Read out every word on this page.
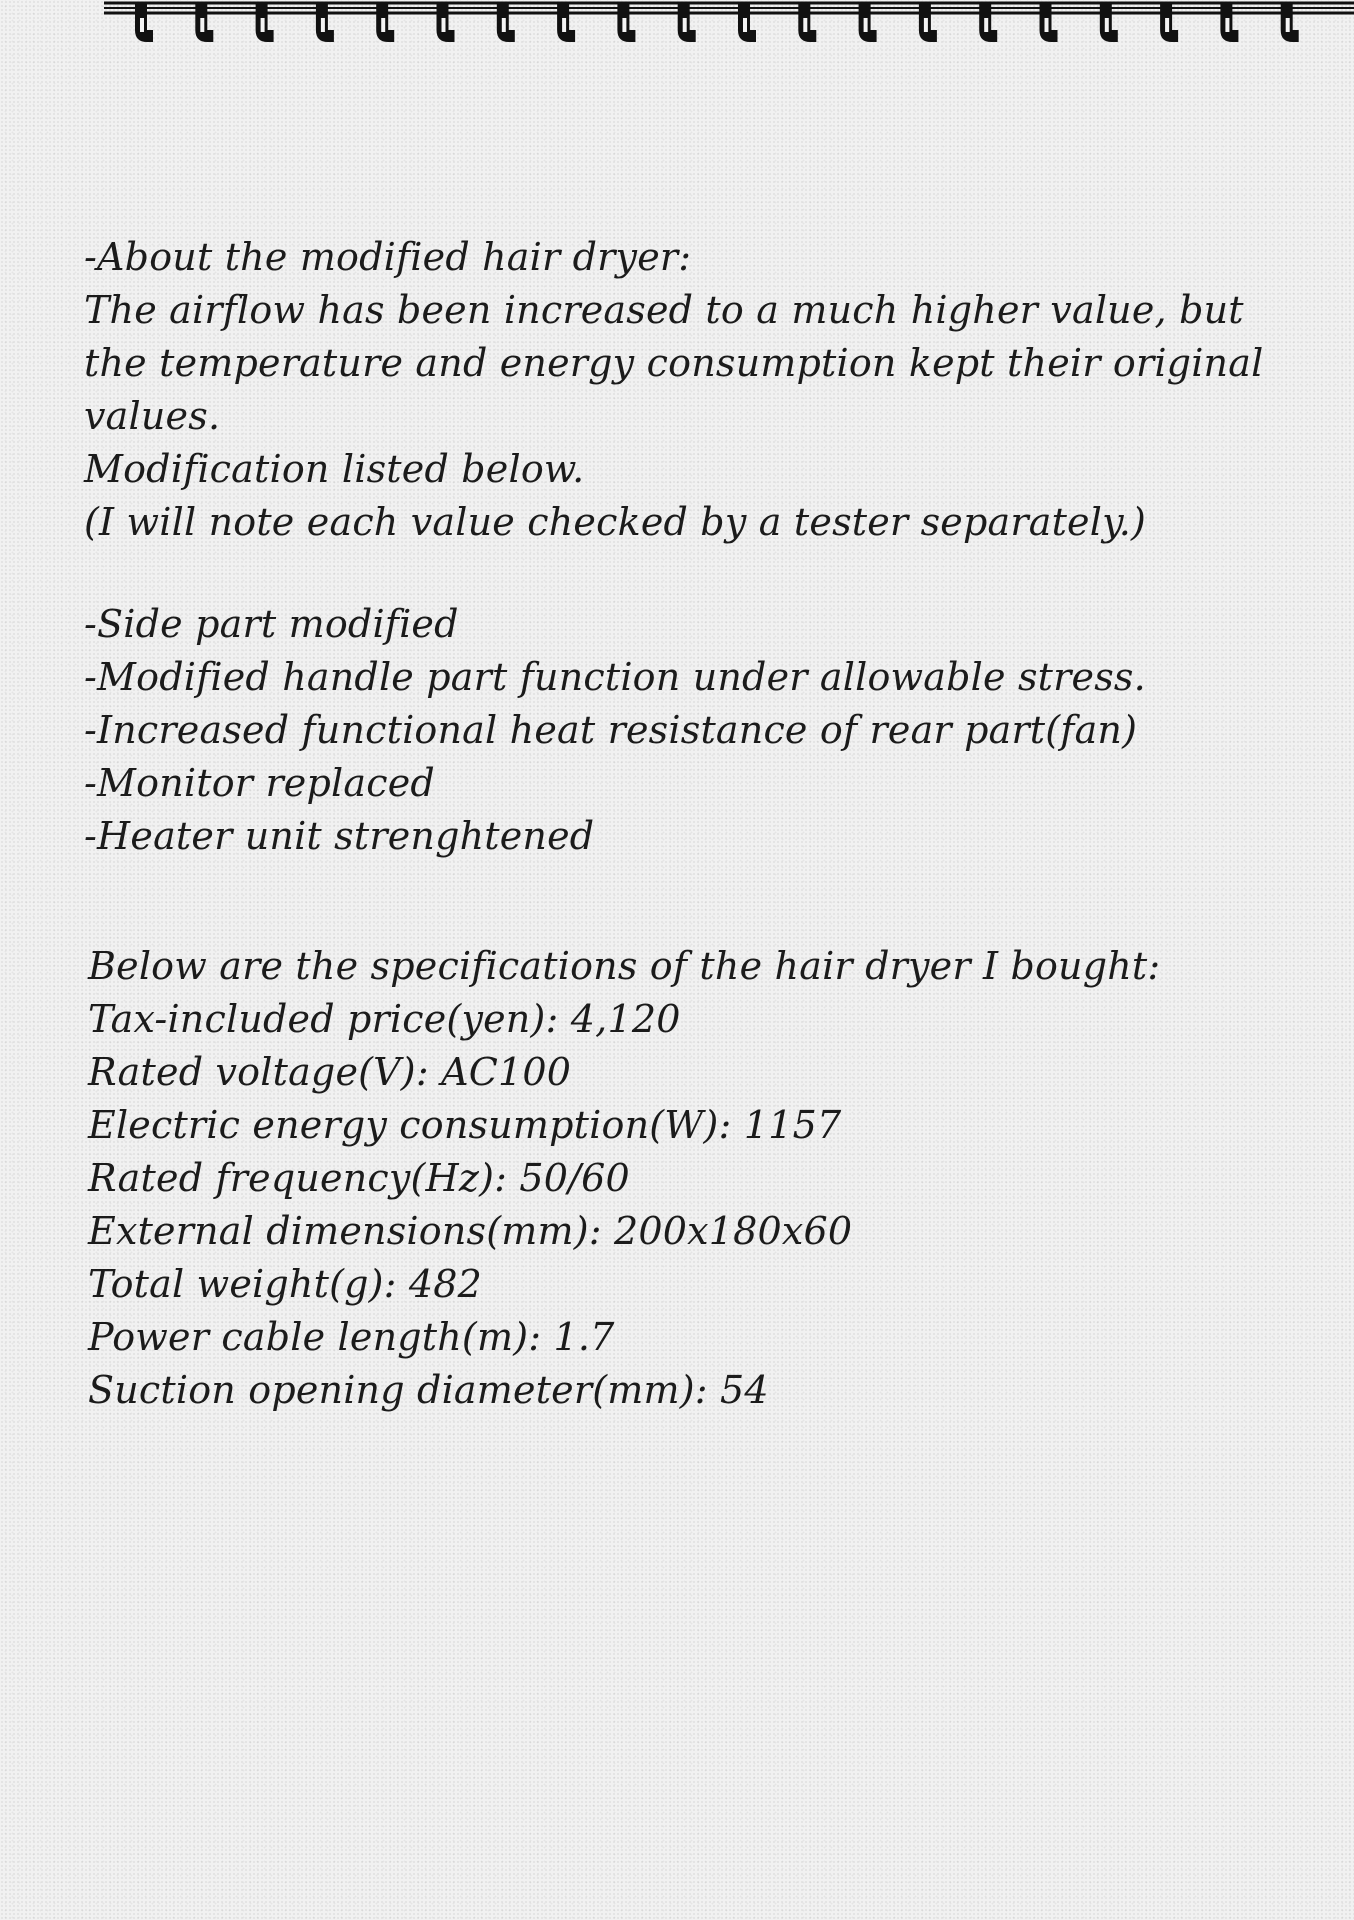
-About the modified hair dryer:
The airflow has been increased to a much higher value, but
the temperature and energy consumption kept their original
values.
Modification listed below.
(I will note each value checked by a tester separately.)
-Side part modified
-Modified handle part function under allowable stress.
-Increased functional heat resistance of rear part(fan)
-Monitor replaced
-Heater unit strenghtened
Below are the specifications of the hair dryer I bought:
Tax-included price(yen): 4,120
Rated voltage(V): AC100
Electric energy consumption(W): 1157
Rated frequency(Hz): 50/60
External dimensions(mm): 200x180x60
Total weight(g): 482
Power cable length(m): 1.7
Suction opening diameter(mm): 54
